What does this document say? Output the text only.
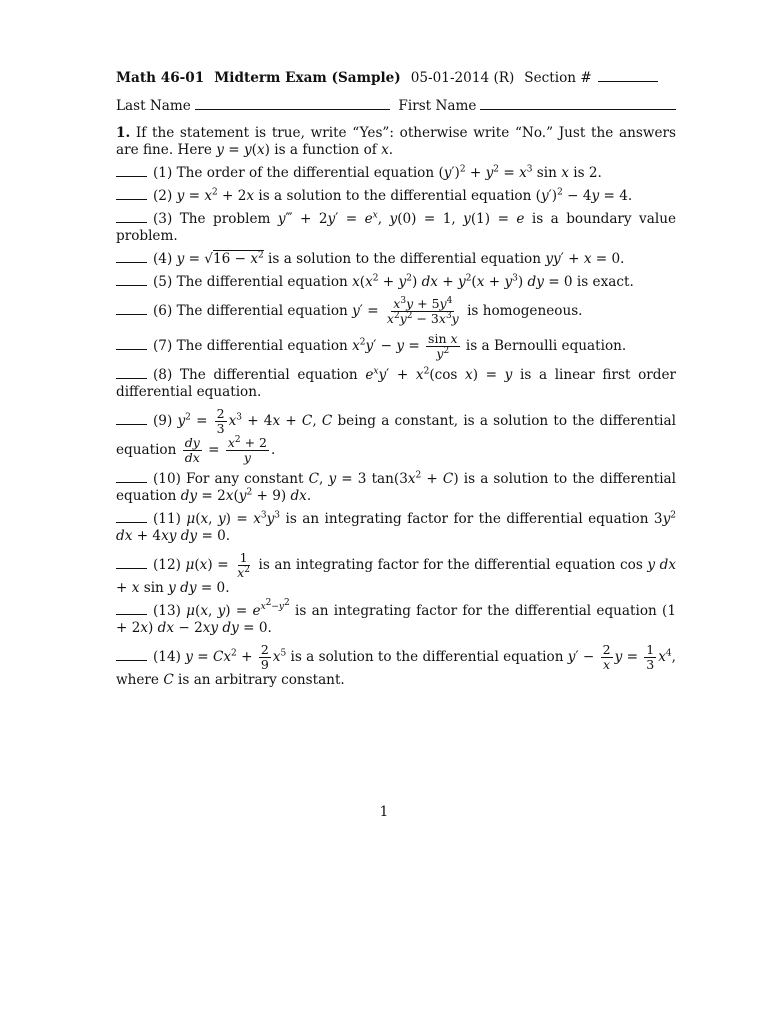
Math 46-01 Midterm Exam (Sample) 05-01-2014 (R) Section #
Last Name	First Name
1. If the statement is true, write “Yes”: otherwise write “No.” Just the answers are fine. Here y = y(x) is a function of x.
(1) The order of the differential equation $(y')^2 + y^2 = x^3$ sin x is 2.
(2) $y = x^2 + 2x$ is a solution to the differential equation $(y')^2 - 4y = 4$.
(3) The problem y‴ + $2y' = e^x$, y(0) = 1, y(1) = e is a boundary value problem.
(4) $y = √16 - x^2$ is a solution to the differential equation yy′ + x = 0.
(5) The differential equation $x(x^2 + y^2)$ dx + $y^2(x + y^3)$ dy = 0 is exact.
(6) The differential equation $y' = \frac{x^3y + 5y^4}{x^2y^2 - 3x^3y}$ is homogeneous.
(7) The differential equation $x^2y' - y = \frac{\text{sin x}}{y^2}$ is a Bernoulli equation.
(8) The differential equation $e^xy' + x^2(\cos$ x) = y is a linear first order differential equation.
(9) $y^2 = \frac{2}{3} x^3 + 4x + C$, C being a constant, is a solution to the differential equation $\frac{dy}{dx} = \frac{x^2 + 2}{y}$ .
(10) For any constant C, y = 3 $\tan(3x^2 + C)$ is a solution to the differential equation dy = $2x(y^2 + 9)$ dx.
(11) μ(x, $y) = x^3y^3$ is an integrating factor for the differential equation $3y^2$ dx + 4xy dy = 0.
(12) $\mu(x) = \frac{1}{x^2}$ is an integrating factor for the differential equation cos y dx + x sin y dy = 0.
(13) μ(x, $y) = e^{x^2-y^2}$ is an integrating factor for the differential equation (1 + 2x) dx − 2xy dy = 0.
(14) $y = Cx^2 + \frac{2}{9} x^5$ is a solution to the differential equation $y' - \frac{2}{x}$ $y = \frac{1}{3} x^4$, where C is an arbitrary constant.
1
